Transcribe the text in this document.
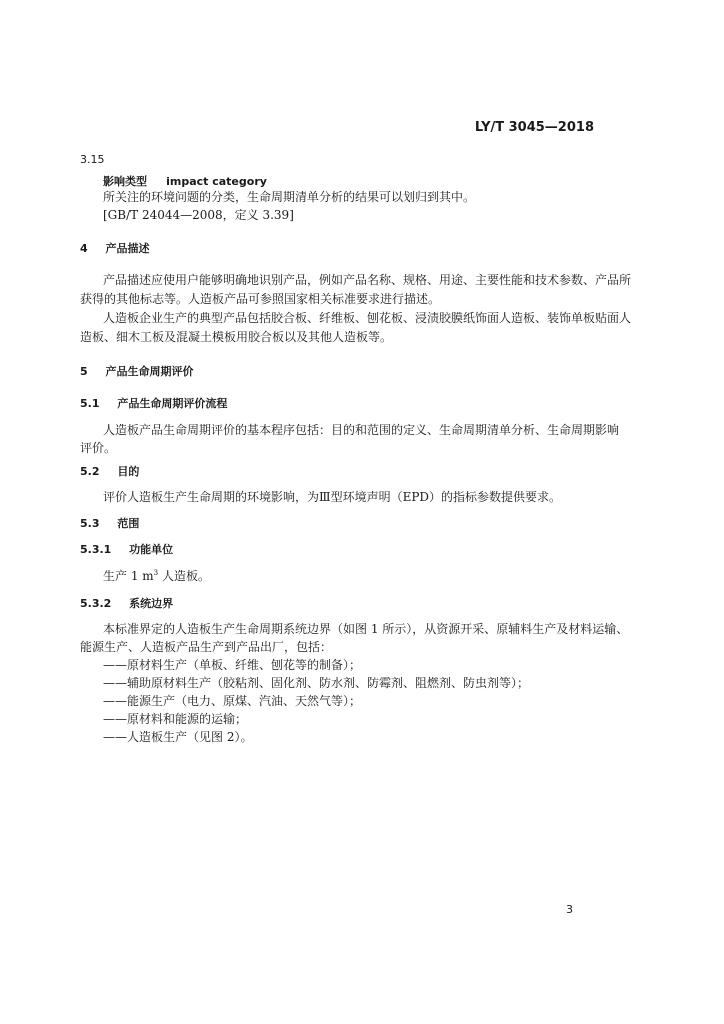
LY/T 3045—2018
3.15
影响类型 impact category
所关注的环境问题的分类，生命周期清单分析的结果可以划归到其中。
[GB/T 24044—2008，定义 3.39]
4 产品描述
产品描述应使用户能够明确地识别产品，例如产品名称、规格、用途、主要性能和技术参数、产品所
获得的其他标志等。人造板产品可参照国家相关标准要求进行描述。
人造板企业生产的典型产品包括胶合板、纤维板、刨花板、浸渍胶膜纸饰面人造板、装饰单板贴面人
造板、细木工板及混凝土模板用胶合板以及其他人造板等。
5 产品生命周期评价
5.1 产品生命周期评价流程
人造板产品生命周期评价的基本程序包括：目的和范围的定义、生命周期清单分析、生命周期影响
评价。
5.2 目的
评价人造板生产生命周期的环境影响，为Ⅲ型环境声明（EPD）的指标参数提供要求。
5.3 范围
5.3.1 功能单位
生产 1 $m^3$ 人造板。
5.3.2 系统边界
本标准界定的人造板生产生命周期系统边界（如图 1 所示），从资源开采、原辅料生产及材料运输、
能源生产、人造板产品生产到产品出厂，包括：
——原材料生产（单板、纤维、刨花等的制备）；
——辅助原材料生产（胶粘剂、固化剂、防水剂、防霉剂、阻燃剂、防虫剂等）；
——能源生产（电力、原煤、汽油、天然气等）；
——原材料和能源的运输；
——人造板生产（见图 2）。
3
